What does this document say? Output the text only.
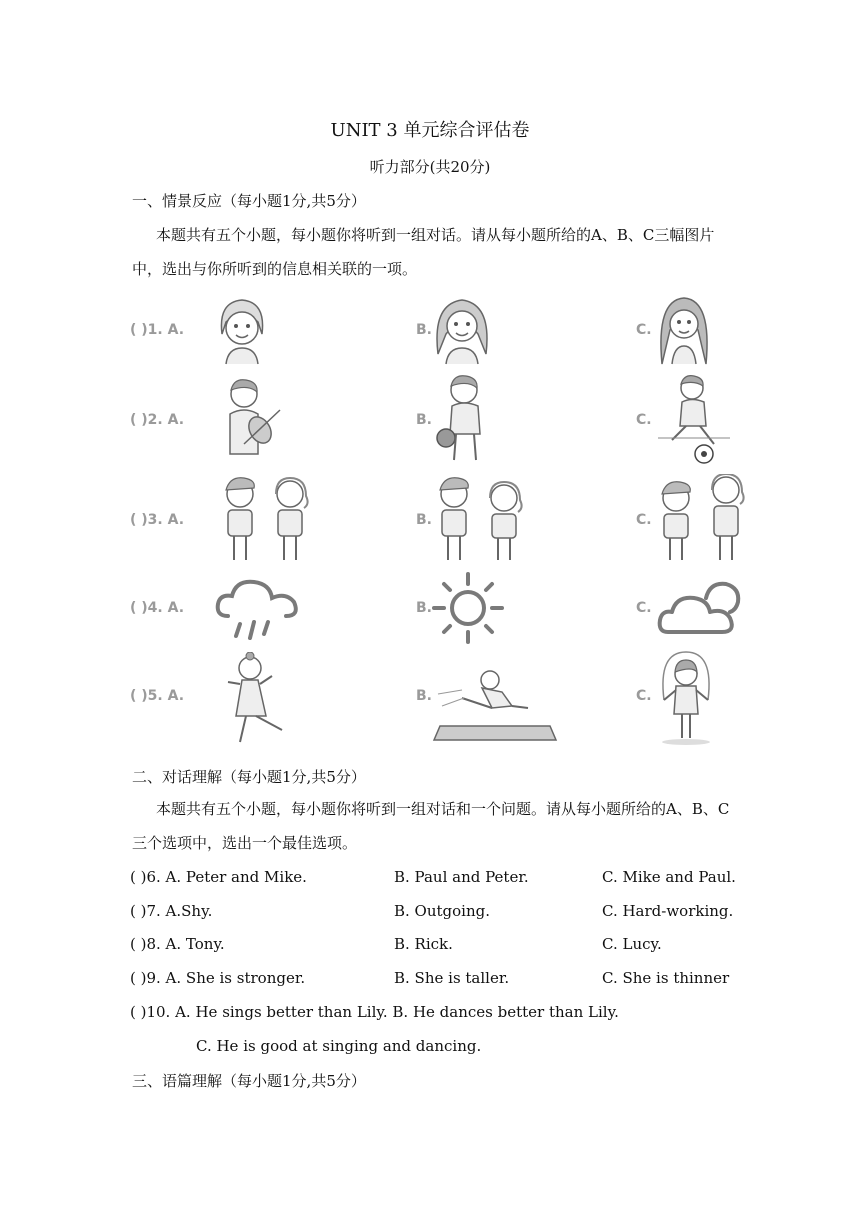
UNIT 3 单元综合评估卷
听力部分(共20分)
一、情景反应（每小题1分,共5分）
本题共有五个小题，每小题你将听到一组对话。请从每小题所给的A、B、C三幅图片中，选出与你所听到的信息相关联的一项。
( )1. A.	B.	C.
( )2. A.	B.	C.
( )3. A.	B.	C.
( )4. A.	B.	C.
( )5. A.	B.	C.
二、对话理解（每小题1分,共5分）
本题共有五个小题，每小题你将听到一组对话和一个问题。请从每小题所给的A、B、C三个选项中，选出一个最佳选项。
( )6. A. Peter and Mike.	B. Paul and Peter.	C. Mike and Paul.
( )7. A.Shy.	B. Outgoing.	C. Hard-working.
( )8. A. Tony.	B. Rick.	C. Lucy.
( )9. A. She is stronger.	B. She is taller.	C. She is thinner
( )10. A. He sings better than Lily. B. He dances better than Lily.
C. He is good at singing and dancing.
三、语篇理解（每小题1分,共5分）
